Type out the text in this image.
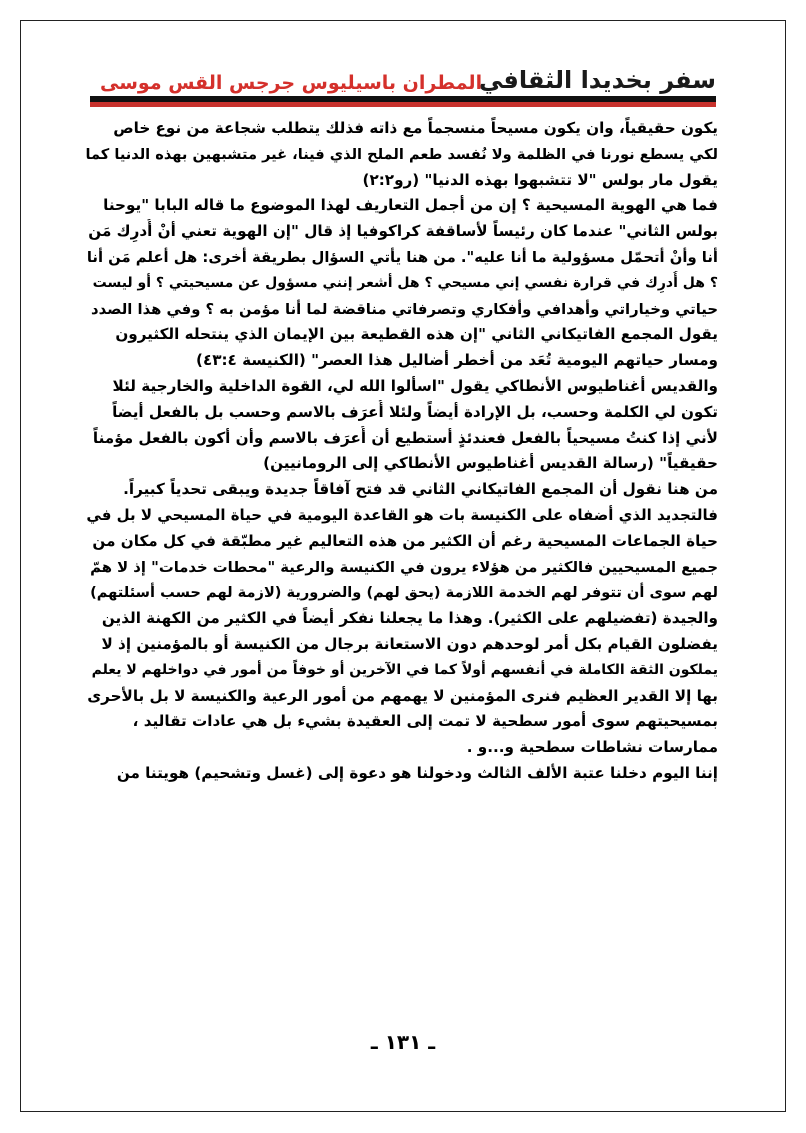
سفر بخديدا الثقافي
المطران باسيليوس جرجس القس موسى
يكون حقيقياً، وان يكون مسيحاً منسجماً مع ذاته فذلك يتطلب شجاعة من نوع خاص
لكي يسطع نورنا في الظلمة ولا نُفسد طعم الملح الذي فينا، غير متشبهين بهذه الدنيا كما
يقول مار بولس "لا تتشبهوا بهذه الدنيا" (رو٢:٢)
فما هي الهوية المسيحية ؟ إن من أجمل التعاريف لهذا الموضوع ما قاله البابا "يوحنا
بولس الثاني" عندما كان رئيساً لأساقفة كراكوفيا إذ قال "إن الهوية تعني أنْ أُدرِك مَن
أنا وأنْ أتحمّل مسؤولية ما أنا عليه". من هنا يأتي السؤال بطريقة أخرى: هل أعلم مَن أنا
؟ هل أُدرِك في قرارة نفسي إني مسيحي ؟ هل أشعر إنني مسؤول عن مسيحيتي ؟ أو ليست
حياتي وخياراتي وأهدافي وأفكاري وتصرفاتي مناقضة لما أنا مؤمن به ؟ وفي هذا الصدد
يقول المجمع الفاتيكاني الثاني "إن هذه القطيعة بين الإيمان الذي ينتحله الكثيرون
ومسار حياتهم اليومية تُعَد من أخطر أضاليل هذا العصر" (الكنيسة ٤٣:٤)
والقديس أغناطيوس الأنطاكي يقول "اسألوا الله لي، القوة الداخلية والخارجية لئلا
تكون لي الكلمة وحسب، بل الإرادة أيضاً ولئلا أُعرَف بالاسم وحسب بل بالفعل أيضاً
لأني إذا كنتُ مسيحياً بالفعل فعندئذٍ أستطيع أن أُعرَف بالاسم وأن أكون بالفعل مؤمناً
حقيقياً" (رسالة القديس أغناطيوس الأنطاكي إلى الرومانيين)
من هنا نقول أن المجمع الفاتيكاني الثاني قد فتح آفاقاً جديدة ويبقى تحدياً كبيراً.
فالتجديد الذي أضفاه على الكنيسة بات هو القاعدة اليومية في حياة المسيحي لا بل في
حياة الجماعات المسيحية رغم أن الكثير من هذه التعاليم غير مطبّقة في كل مكان من
جميع المسيحيين فالكثير من هؤلاء يرون في الكنيسة والرعية "محطات خدمات" إذ لا همّ
لهم سوى أن تتوفر لهم الخدمة اللازمة (يحق لهم) والضرورية (لازمة لهم حسب أسئلتهم)
والجيدة (تفضيلهم على الكثير). وهذا ما يجعلنا نفكر أيضاً في الكثير من الكهنة الذين
يفضلون القيام بكل أمر لوحدهم دون الاستعانة برجال من الكنيسة أو بالمؤمنين إذ لا
يملكون الثقة الكاملة في أنفسهم أولاً كما في الآخرين أو خوفاً من أمور في دواخلهم لا يعلم
بها إلا القدير العظيم فنرى المؤمنين لا يهمهم من أمور الرعية والكنيسة لا بل بالأحرى
بمسيحيتهم سوى أمور سطحية لا تمت إلى العقيدة بشيء بل هي عادات تقاليد ،
ممارسات نشاطات سطحية و...و .
إننا اليوم دخلنا عتبة الألف الثالث ودخولنا هو دعوة إلى (غسل وتشحيم) هويتنا من
ـ ١٣١ ـ
